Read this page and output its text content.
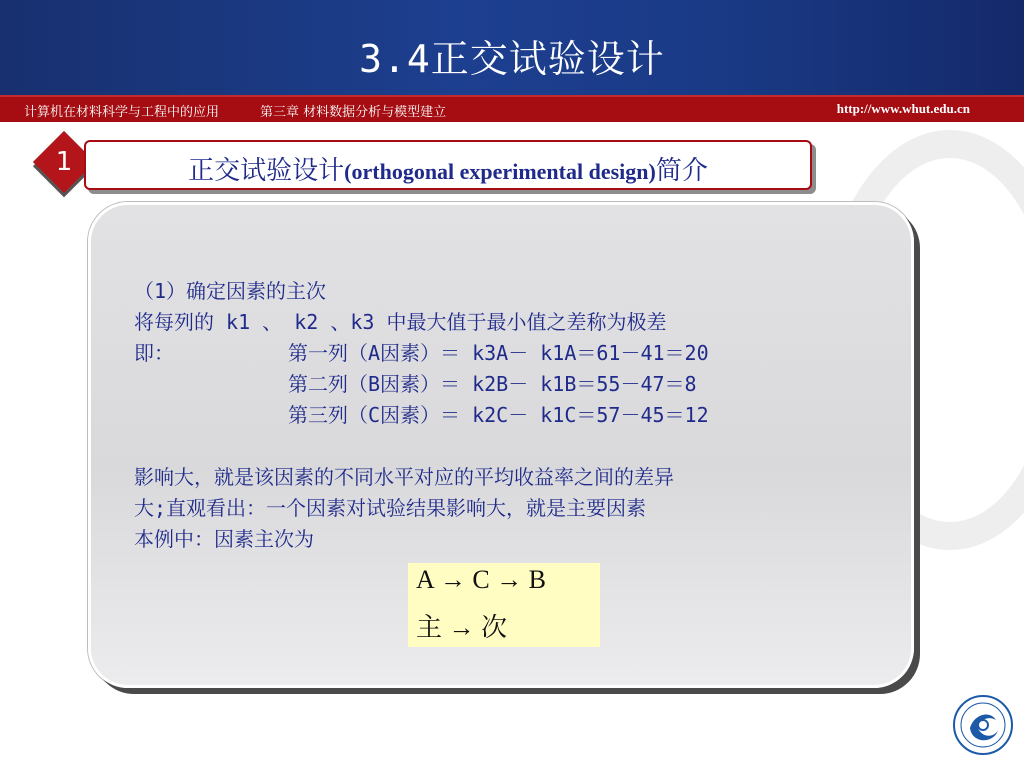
3.4正交试验设计
计算机在材料科学与工程中的应用	第三章 材料数据分析与模型建立	http://www.whut.edu.cn
1	正交试验设计(orthogonal experimental design)简介
（1）确定因素的主次
将每列的 k1 、 k2 、k3 中最大值于最小值之差称为极差
即：	第一列（A因素）＝ k3A－ k1A＝61－41＝20
第二列（B因素）＝ k2B－ k1B＝55－47＝8
第三列（C因素）＝ k2C－ k1C＝57－45＝12
影响大，就是该因素的不同水平对应的平均收益率之间的差异
大;直观看出：一个因素对试验结果影响大，就是主要因素
本例中：因素主次为
A → C → B
主 → 次
